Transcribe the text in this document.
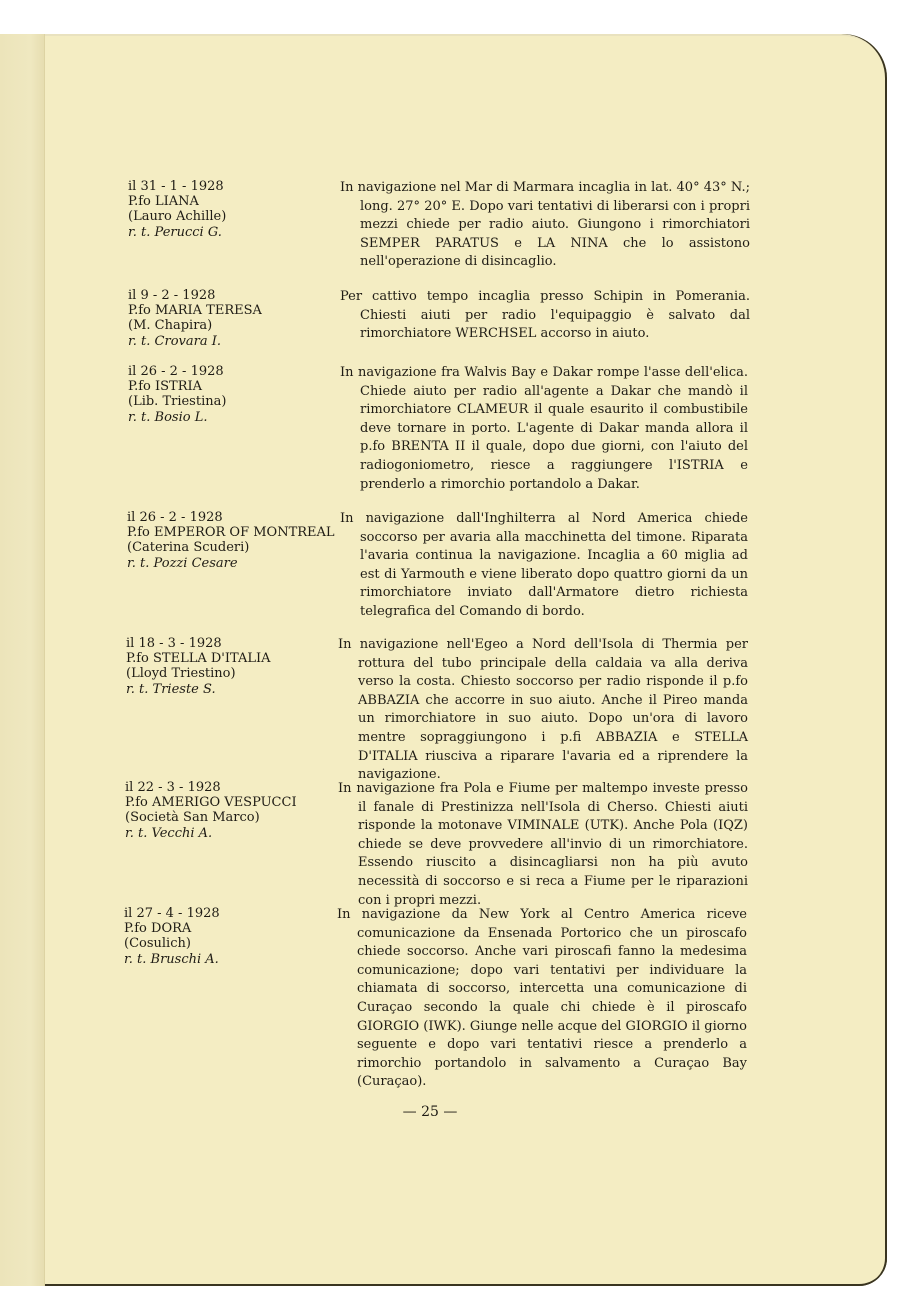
il 31 - 1 - 1928
P.fo LIANA
(Lauro Achille)
r. t. Perucci G.
In navigazione nel Mar di Marmara incaglia in lat. 40° 43° N.; long. 27° 20° E. Dopo vari tentativi di liberarsi con i propri mezzi chiede per radio aiuto. Giungono i rimorchiatori SEMPER PARATUS e LA NINA che lo assistono nell'operazione di disincaglio.
il 9 - 2 - 1928
P.fo MARIA TERESA
(M. Chapira)
r. t. Crovara I.
Per cattivo tempo incaglia presso Schipin in Pomerania. Chiesti aiuti per radio l'equipaggio è salvato dal rimorchiatore WERCHSEL accorso in aiuto.
il 26 - 2 - 1928
P.fo ISTRIA
(Lib. Triestina)
r. t. Bosio L.
In navigazione fra Walvis Bay e Dakar rompe l'asse dell'elica. Chiede aiuto per radio all'agente a Dakar che mandò il rimorchiatore CLAMEUR il quale esaurito il combustibile deve tornare in porto. L'agente di Dakar manda allora il p.fo BRENTA II il quale, dopo due giorni, con l'aiuto del radiogoniometro, riesce a raggiungere l'ISTRIA e prenderlo a rimorchio portandolo a Dakar.
il 26 - 2 - 1928
P.fo EMPEROR OF MONTREAL
(Caterina Scuderi)
r. t. Pozzi Cesare
In navigazione dall'Inghilterra al Nord America chiede soccorso per avaria alla macchinetta del timone. Riparata l'avaria continua la navigazione. Incaglia a 60 miglia ad est di Yarmouth e viene liberato dopo quattro giorni da un rimorchiatore inviato dall'Armatore dietro richiesta telegrafica del Comando di bordo.
il 18 - 3 - 1928
P.fo STELLA D'ITALIA
(Lloyd Triestino)
r. t. Trieste S.
In navigazione nell'Egeo a Nord dell'Isola di Thermia per rottura del tubo principale della caldaia va alla deriva verso la costa. Chiesto soccorso per radio risponde il p.fo ABBAZIA che accorre in suo aiuto. Anche il Pireo manda un rimorchiatore in suo aiuto. Dopo un'ora di lavoro mentre sopraggiungono i p.fi ABBAZIA e STELLA D'ITALIA riusciva a riparare l'avaria ed a riprendere la navigazione.
il 22 - 3 - 1928
P.fo AMERIGO VESPUCCI
(Società San Marco)
r. t. Vecchi A.
In navigazione fra Pola e Fiume per maltempo investe presso il fanale di Prestinizza nell'Isola di Cherso. Chiesti aiuti risponde la motonave VIMINALE (UTK). Anche Pola (IQZ) chiede se deve provvedere all'invio di un rimorchiatore. Essendo riuscito a disincagliarsi non ha più avuto necessità di soccorso e si reca a Fiume per le riparazioni con i propri mezzi.
il 27 - 4 - 1928
P.fo DORA
(Cosulich)
r. t. Bruschi A.
In navigazione da New York al Centro America riceve comunicazione da Ensenada Portorico che un piroscafo chiede soccorso. Anche vari piroscafi fanno la medesima comunicazione; dopo vari tentativi per individuare la chiamata di soccorso, intercetta una comunicazione di Curaçao secondo la quale chi chiede è il piroscafo GIORGIO (IWK). Giunge nelle acque del GIORGIO il giorno seguente e dopo vari tentativi riesce a prenderlo a rimorchio portandolo in salvamento a Curaçao Bay (Curaçao).
— 25 —
